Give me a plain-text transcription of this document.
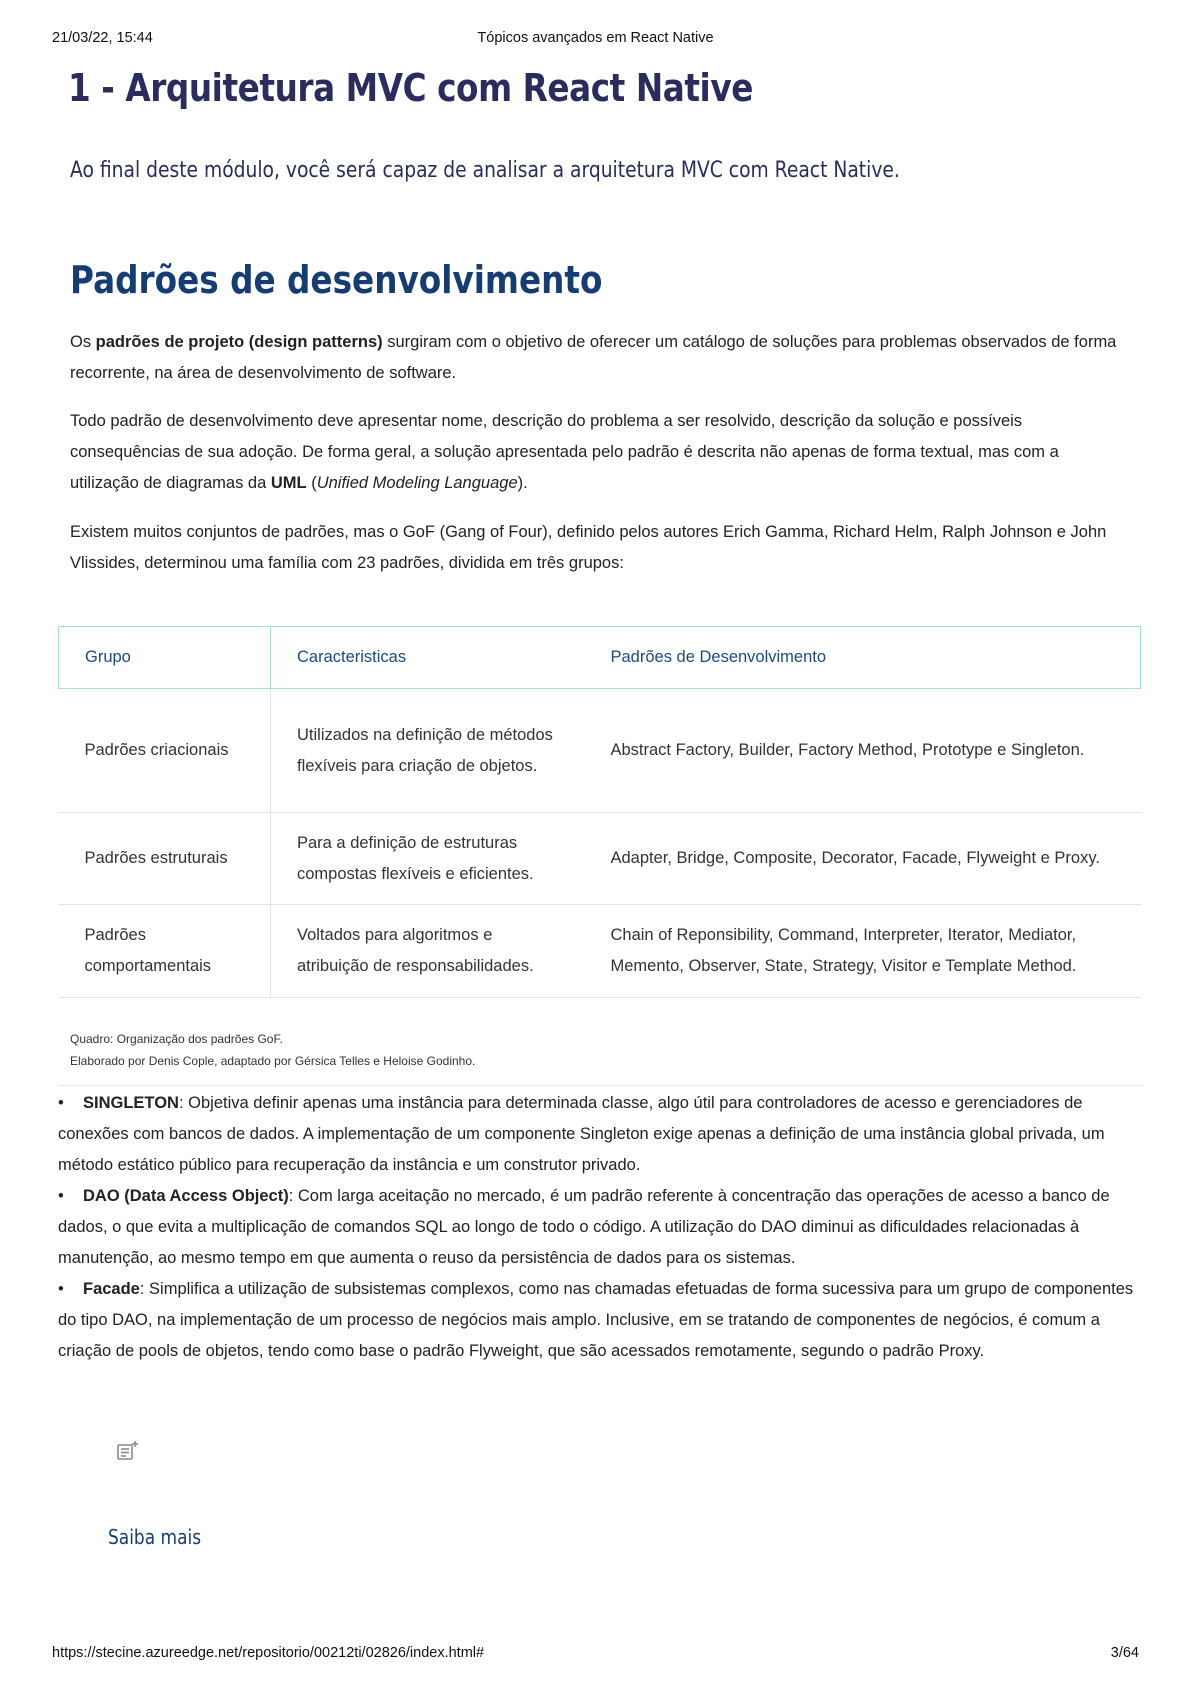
21/03/22, 15:44	Tópicos avançados em React Native
1 - Arquitetura MVC com React Native

Ao final deste módulo, você será capaz de analisar a arquitetura MVC com React Native.

Padrões de desenvolvimento

Os padrões de projeto (design patterns) surgiram com o objetivo de oferecer um catálogo de soluções para problemas observados de forma recorrente, na área de desenvolvimento de software.

Todo padrão de desenvolvimento deve apresentar nome, descrição do problema a ser resolvido, descrição da solução e possíveis consequências de sua adoção. De forma geral, a solução apresentada pelo padrão é descrita não apenas de forma textual, mas com a utilização de diagramas da UML (Unified Modeling Language).

Existem muitos conjuntos de padrões, mas o GoF (Gang of Four), definido pelos autores Erich Gamma, Richard Helm, Ralph Johnson e John Vlissides, determinou uma família com 23 padrões, dividida em três grupos:

Grupo	Caracteristicas	Padrões de Desenvolvimento
Padrões criacionais	Utilizados na definição de métodos flexíveis para criação de objetos.	Abstract Factory, Builder, Factory Method, Prototype e Singleton.
Padrões estruturais	Para a definição de estruturas compostas flexíveis e eficientes.	Adapter, Bridge, Composite, Decorator, Facade, Flyweight e Proxy.
Padrões comportamentais	Voltados para algoritmos e atribuição de responsabilidades.	Chain of Reponsibility, Command, Interpreter, Iterator, Mediator, Memento, Observer, State, Strategy, Visitor e Template Method.
Quadro: Organização dos padrões GoF.
Elaborado por Denis Cople, adaptado por Gérsica Telles e Heloise Godinho.
• SINGLETON: Objetiva definir apenas uma instância para determinada classe, algo útil para controladores de acesso e gerenciadores de conexões com bancos de dados. A implementação de um componente Singleton exige apenas a definição de uma instância global privada, um método estático público para recuperação da instância e um construtor privado.
• DAO (Data Access Object): Com larga aceitação no mercado, é um padrão referente à concentração das operações de acesso a banco de dados, o que evita a multiplicação de comandos SQL ao longo de todo o código. A utilização do DAO diminui as dificuldades relacionadas à manutenção, ao mesmo tempo em que aumenta o reuso da persistência de dados para os sistemas.
• Facade: Simplifica a utilização de subsistemas complexos, como nas chamadas efetuadas de forma sucessiva para um grupo de componentes do tipo DAO, na implementação de um processo de negócios mais amplo. Inclusive, em se tratando de componentes de negócios, é comum a criação de pools de objetos, tendo como base o padrão Flyweight, que são acessados remotamente, segundo o padrão Proxy.
Saiba mais
https://stecine.azureedge.net/repositorio/00212ti/02826/index.html#	3/64
